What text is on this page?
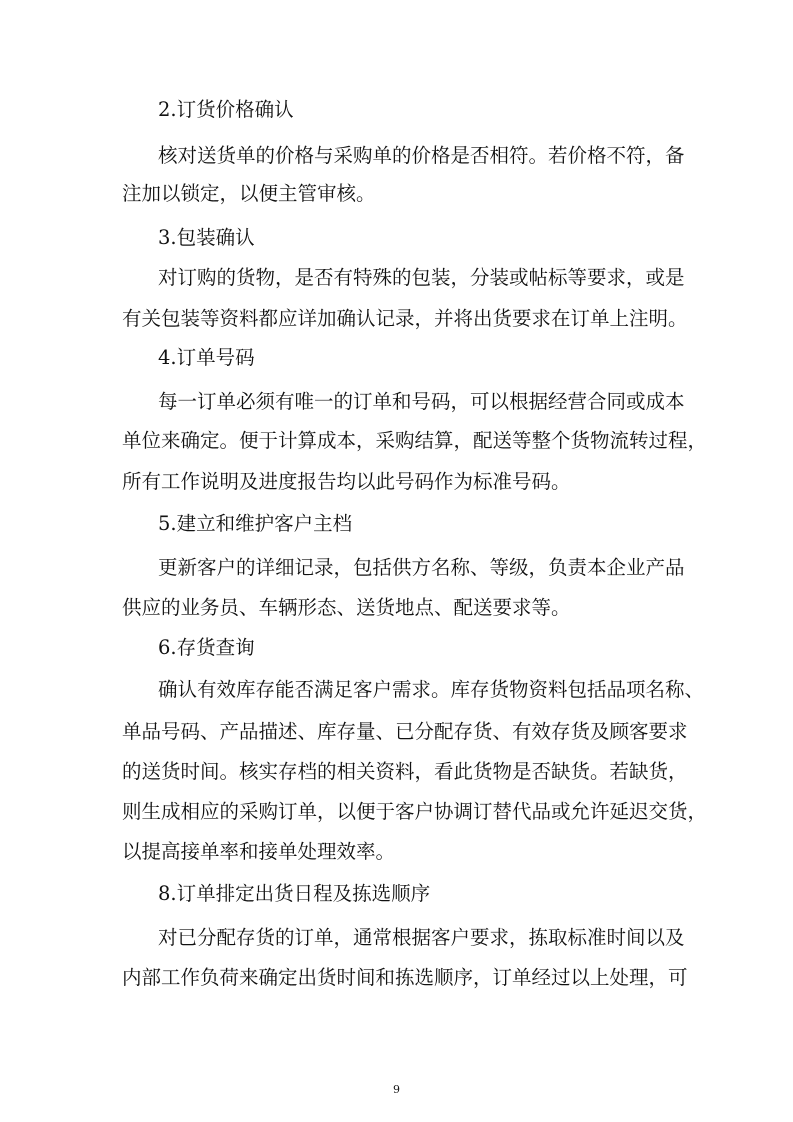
2.订货价格确认
核对送货单的价格与采购单的价格是否相符。若价格不符，备
注加以锁定，以便主管审核。
3.包装确认
对订购的货物，是否有特殊的包装，分装或帖标等要求，或是
有关包装等资料都应详加确认记录，并将出货要求在订单上注明。
4.订单号码
每一订单必须有唯一的订单和号码，可以根据经营合同或成本
单位来确定。便于计算成本，采购结算，配送等整个货物流转过程，
所有工作说明及进度报告均以此号码作为标准号码。
5.建立和维护客户主档
更新客户的详细记录，包括供方名称、等级，负责本企业产品
供应的业务员、车辆形态、送货地点、配送要求等。
6.存货查询
确认有效库存能否满足客户需求。库存货物资料包括品项名称、
单品号码、产品描述、库存量、已分配存货、有效存货及顾客要求
的送货时间。核实存档的相关资料，看此货物是否缺货。若缺货，
则生成相应的采购订单，以便于客户协调订替代品或允许延迟交货，
以提高接单率和接单处理效率。
8.订单排定出货日程及拣选顺序
对已分配存货的订单，通常根据客户要求，拣取标准时间以及
内部工作负荷来确定出货时间和拣选顺序，订单经过以上处理，可
9
